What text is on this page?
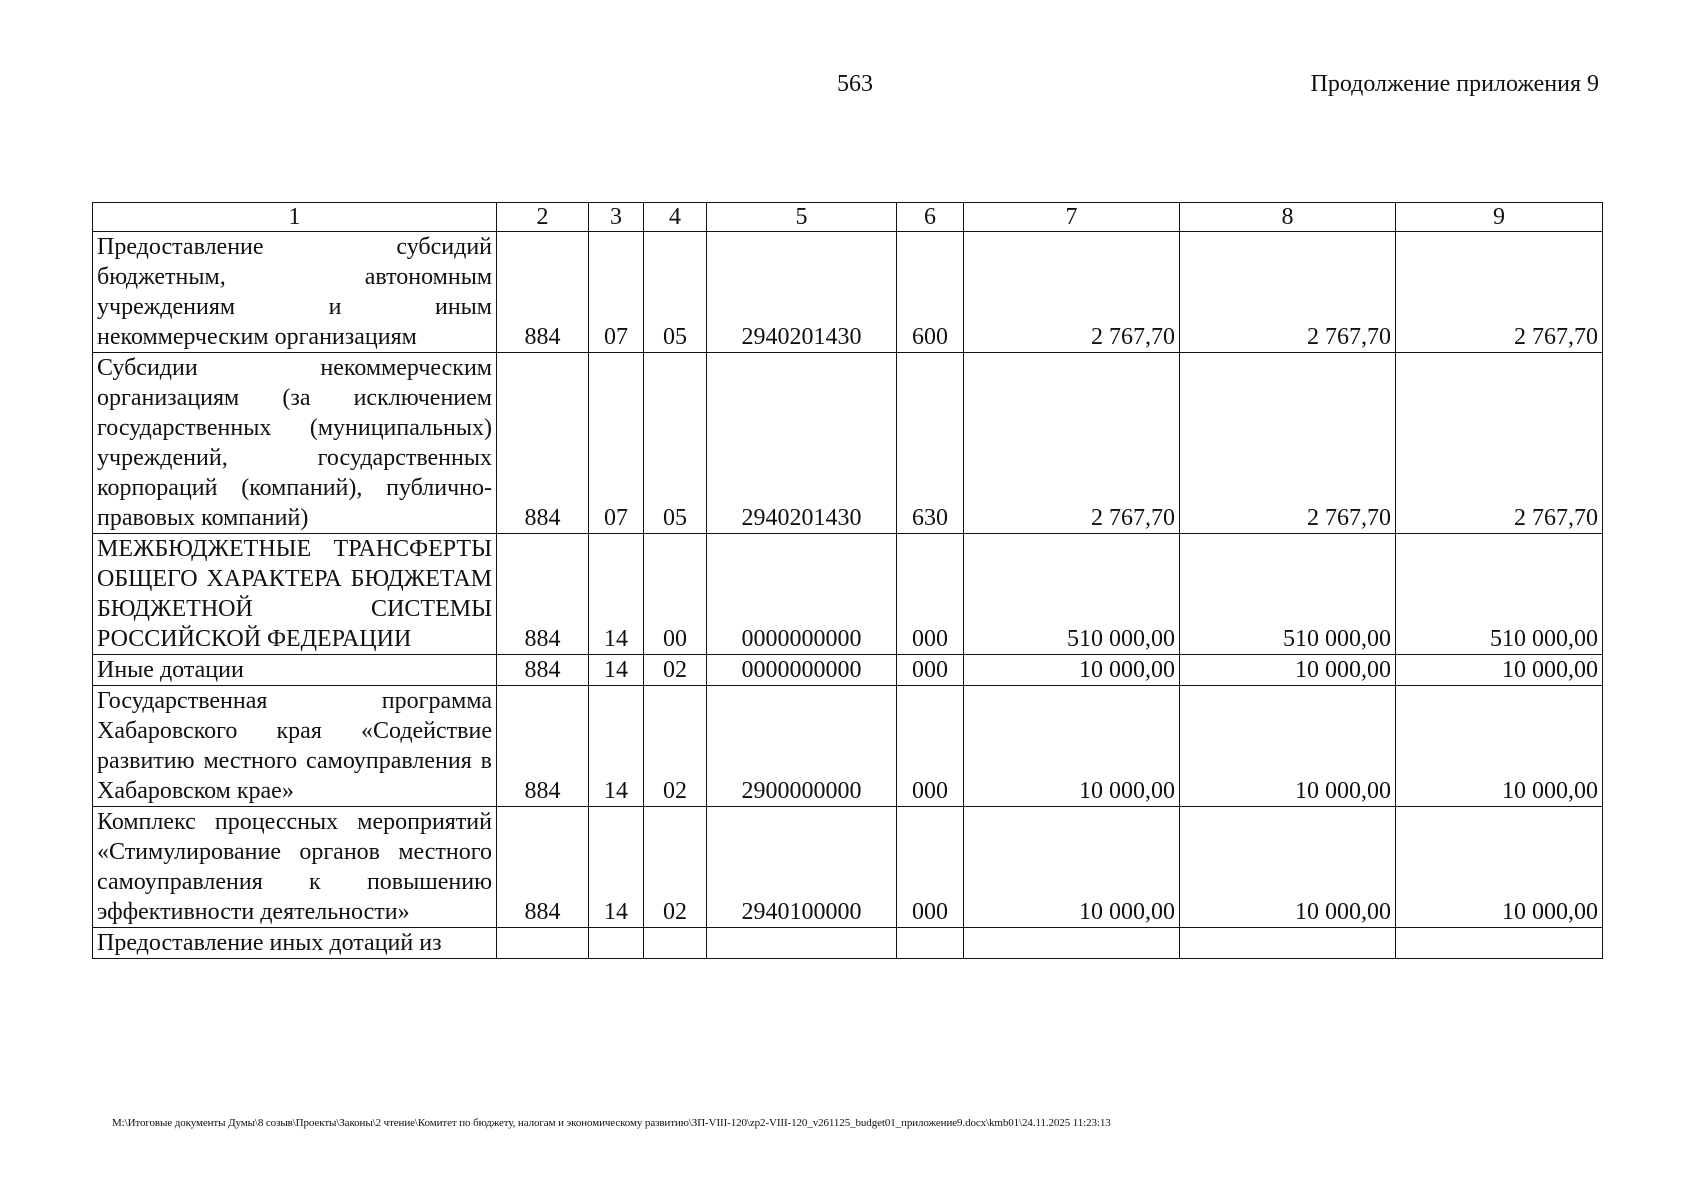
563	Продолжение приложения 9
1	2	3	4	5	6	7	8	9
Предоставление субсидий бюджетным, автономным учреждениям и иным некоммерческим организациям	884	07	05	2940201430	600	2 767,70	2 767,70	2 767,70
Субсидии некоммерческим организациям (за исключением государственных (муниципальных) учреждений, государственных корпораций (компаний), публично-правовых компаний)	884	07	05	2940201430	630	2 767,70	2 767,70	2 767,70
МЕЖБЮДЖЕТНЫЕ ТРАНСФЕРТЫ ОБЩЕГО ХАРАКТЕРА БЮДЖЕТАМ БЮДЖЕТНОЙ СИСТЕМЫ РОССИЙСКОЙ ФЕДЕРАЦИИ	884	14	00	0000000000	000	510 000,00	510 000,00	510 000,00
Иные дотации	884	14	02	0000000000	000	10 000,00	10 000,00	10 000,00
Государственная программа Хабаровского края «Содействие развитию местного самоуправления в Хабаровском крае»	884	14	02	2900000000	000	10 000,00	10 000,00	10 000,00
Комплекс процессных мероприятий «Стимулирование органов местного самоуправления к повышению эффективности деятельности»	884	14	02	2940100000	000	10 000,00	10 000,00	10 000,00
Предоставление иных дотаций из								
M:\Итоговые документы Думы\8 созыв\Проекты\Законы\2 чтение\Комитет по бюджету, налогам и экономическому развитию\ЗП-VIII-120\zp2-VIII-120_v261125_budget01_приложение9.docx\kmb01\24.11.2025 11:23:13
